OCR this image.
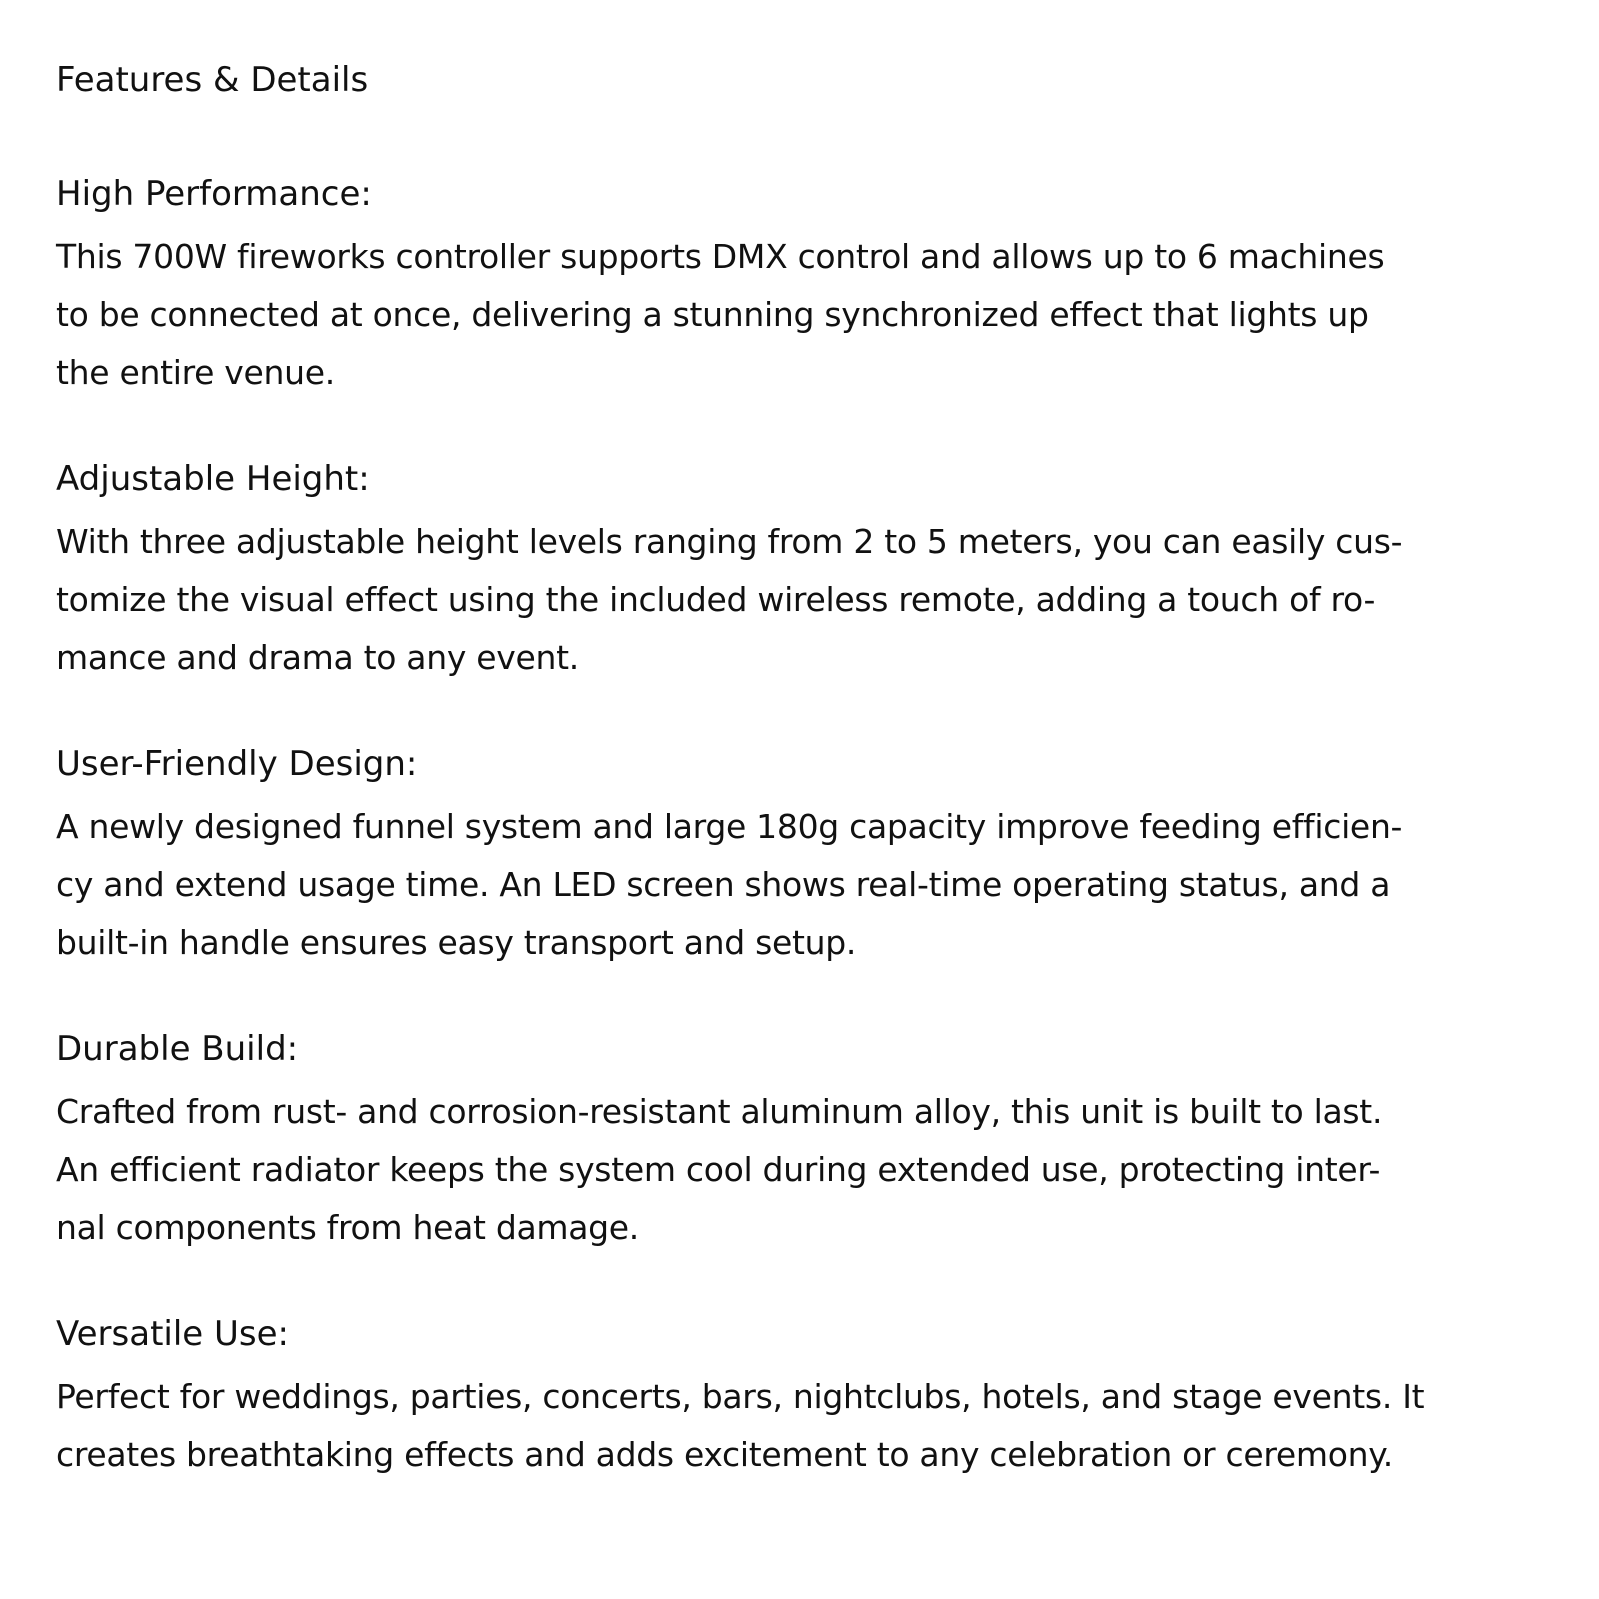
Features & Details
High Performance:
This 700W fireworks controller supports DMX control and allows up to 6 machines
to be connected at once, delivering a stunning synchronized effect that lights up
the entire venue.
Adjustable Height:
With three adjustable height levels ranging from 2 to 5 meters, you can easily cus-
tomize the visual effect using the included wireless remote, adding a touch of ro-
mance and drama to any event.
User-Friendly Design:
A newly designed funnel system and large 180g capacity improve feeding efficien-
cy and extend usage time. An LED screen shows real-time operating status, and a
built-in handle ensures easy transport and setup.
Durable Build:
Crafted from rust- and corrosion-resistant aluminum alloy, this unit is built to last.
An efficient radiator keeps the system cool during extended use, protecting inter-
nal components from heat damage.
Versatile Use:
Perfect for weddings, parties, concerts, bars, nightclubs, hotels, and stage events. It
creates breathtaking effects and adds excitement to any celebration or ceremony.
